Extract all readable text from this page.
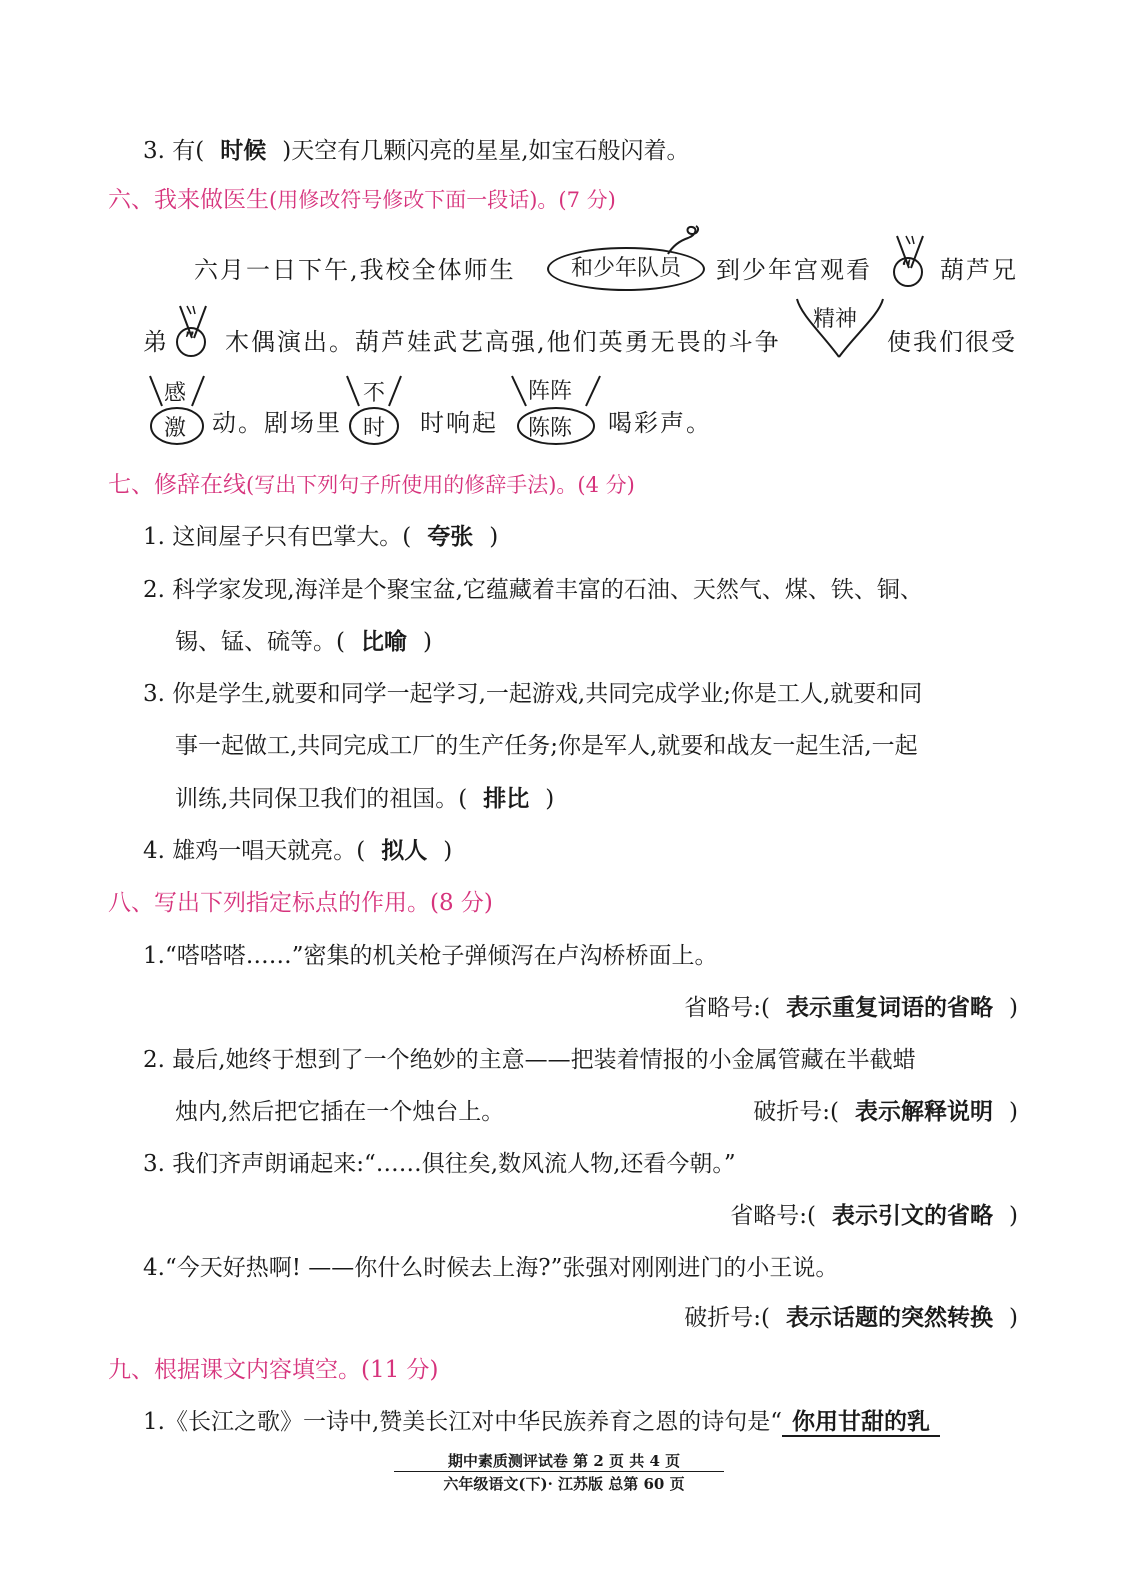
3. 有( 时候 )天空有几颗闪亮的星星,如宝石般闪着。
六、我来做医生(用修改符号修改下面一段话)。(7 分)
六月一日下午,我校全体师生	和少年队员	到少年宫观看 “ 葫芦兄
弟 ” 木偶演出。葫芦娃武艺高强,他们英勇无畏的斗争
精神
使我们很受
感
激 动。剧场里
不
时 时响起
阵阵
陈陈 喝彩声。
七、修辞在线(写出下列句子所使用的修辞手法)。(4 分)
1. 这间屋子只有巴掌大。( 夸张 )
2. 科学家发现,海洋是个聚宝盆,它蕴藏着丰富的石油、天然气、煤、铁、铜、
锡、锰、硫等。( 比喻 )
3. 你是学生,就要和同学一起学习,一起游戏,共同完成学业;你是工人,就要和同
事一起做工,共同完成工厂的生产任务;你是军人,就要和战友一起生活,一起
训练,共同保卫我们的祖国。( 排比 )
4. 雄鸡一唱天就亮。( 拟人 )
八、写出下列指定标点的作用。(8 分)
1.“嗒嗒嗒……”密集的机关枪子弹倾泻在卢沟桥桥面上。
省略号:( 表示重复词语的省略 )
2. 最后,她终于想到了一个绝妙的主意——把装着情报的小金属管藏在半截蜡
烛内,然后把它插在一个烛台上。	破折号:( 表示解释说明 )
3. 我们齐声朗诵起来:“……俱往矣,数风流人物,还看今朝。”
省略号:( 表示引文的省略 )
4.“今天好热啊! ——你什么时候去上海?”张强对刚刚进门的小王说。
破折号:( 表示话题的突然转换 )
九、根据课文内容填空。(11 分)
1.《长江之歌》一诗中,赞美长江对中华民族养育之恩的诗句是“ 你用甘甜的乳
期中素质测评试卷 第 2 页 共 4 页
六年级语文(下)· 江苏版 总第 60 页
